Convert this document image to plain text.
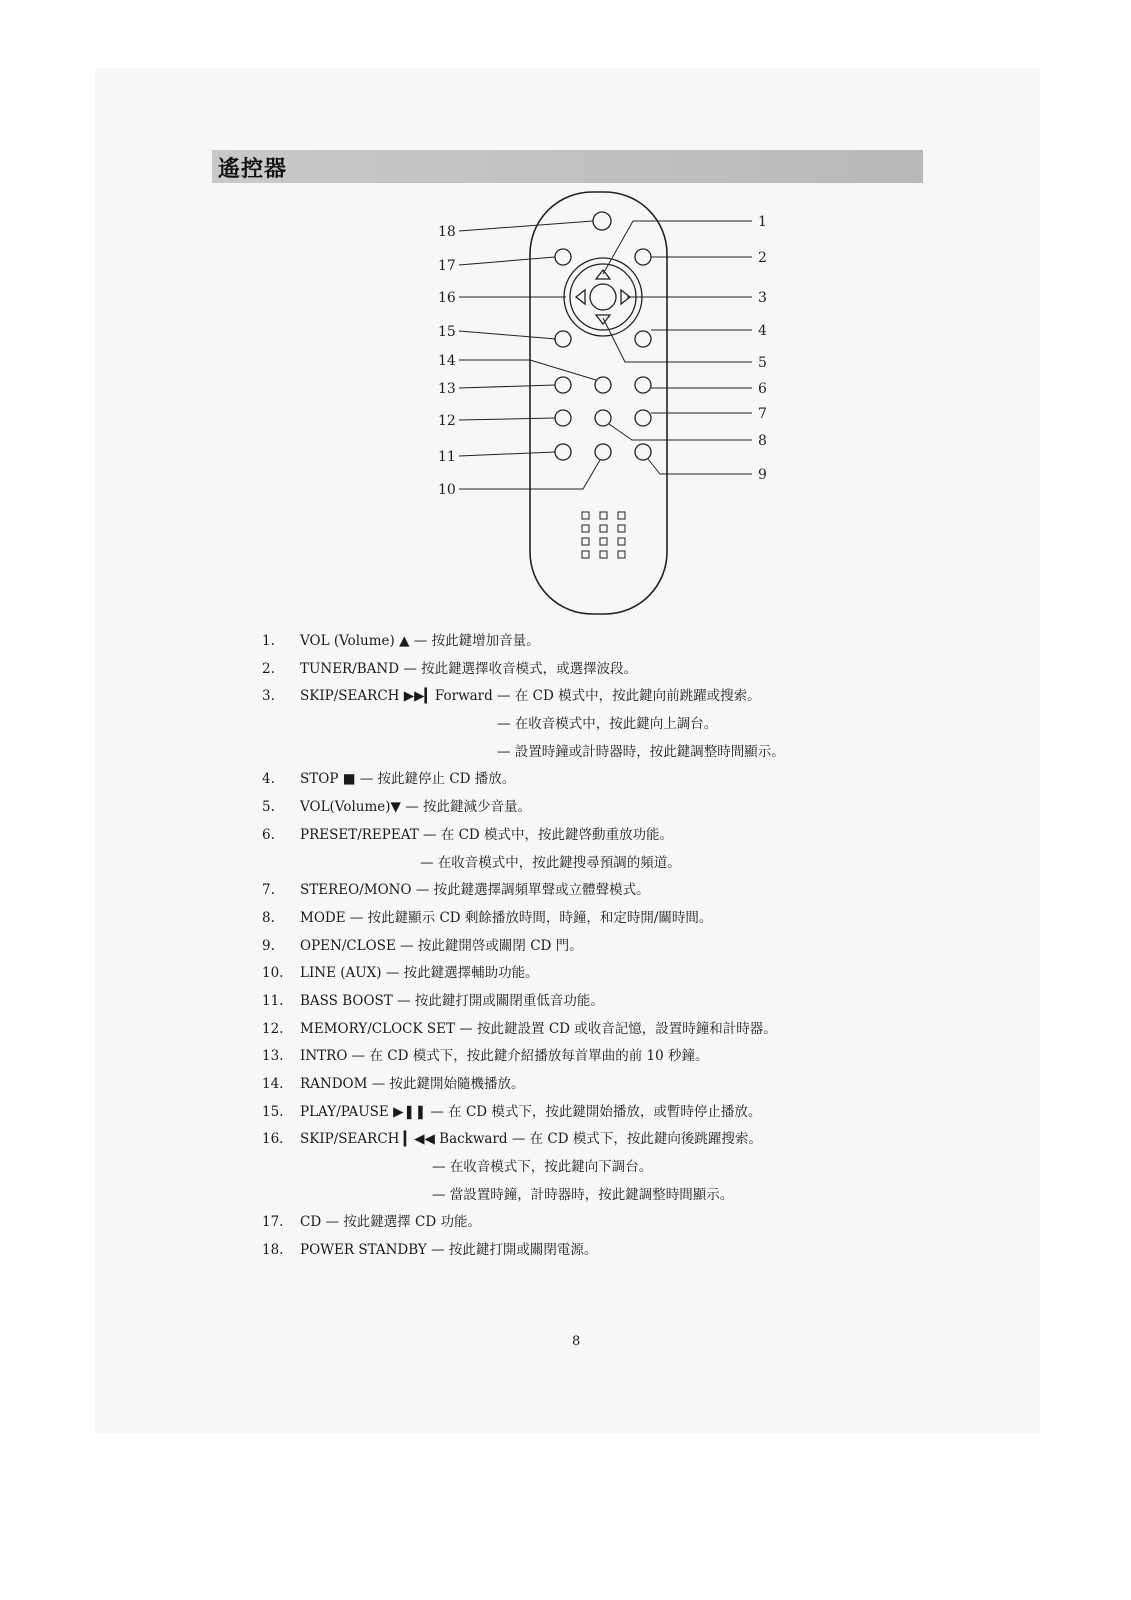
遙控器
1
2
3
4
5
6
7
8
9
10
11
12
13
14
15
16
17
18
1. VOL (Volume) ▲ — 按此鍵增加音量。
2. TUNER/BAND — 按此鍵選擇收音模式，或選擇波段。
3. SKIP/SEARCH ▶▶▎Forward — 在 CD 模式中，按此鍵向前跳躍或搜索。
— 在收音模式中，按此鍵向上調台。
— 設置時鐘或計時器時，按此鍵調整時間顯示。
4. STOP ■ — 按此鍵停止 CD 播放。
5. VOL(Volume)▼ — 按此鍵減少音量。
6. PRESET/REPEAT — 在 CD 模式中，按此鍵啓動重放功能。
— 在收音模式中，按此鍵搜尋預調的頻道。
7. STEREO/MONO — 按此鍵選擇調頻單聲或立體聲模式。
8. MODE — 按此鍵顯示 CD 剩餘播放時間，時鐘，和定時開/關時間。
9. OPEN/CLOSE — 按此鍵開啓或關閉 CD 門。
10. LINE (AUX) — 按此鍵選擇輔助功能。
11. BASS BOOST — 按此鍵打開或關閉重低音功能。
12. MEMORY/CLOCK SET — 按此鍵設置 CD 或收音記憶，設置時鐘和計時器。
13. INTRO — 在 CD 模式下，按此鍵介紹播放每首單曲的前 10 秒鐘。
14. RANDOM — 按此鍵開始隨機播放。
15. PLAY/PAUSE ▶❚❚ — 在 CD 模式下，按此鍵開始播放，或暫時停止播放。
16. SKIP/SEARCH ▎◀◀ Backward — 在 CD 模式下，按此鍵向後跳躍搜索。
— 在收音模式下，按此鍵向下調台。
— 當設置時鐘，計時器時，按此鍵調整時間顯示。
17. CD — 按此鍵選擇 CD 功能。
18. POWER STANDBY — 按此鍵打開或關閉電源。
8
